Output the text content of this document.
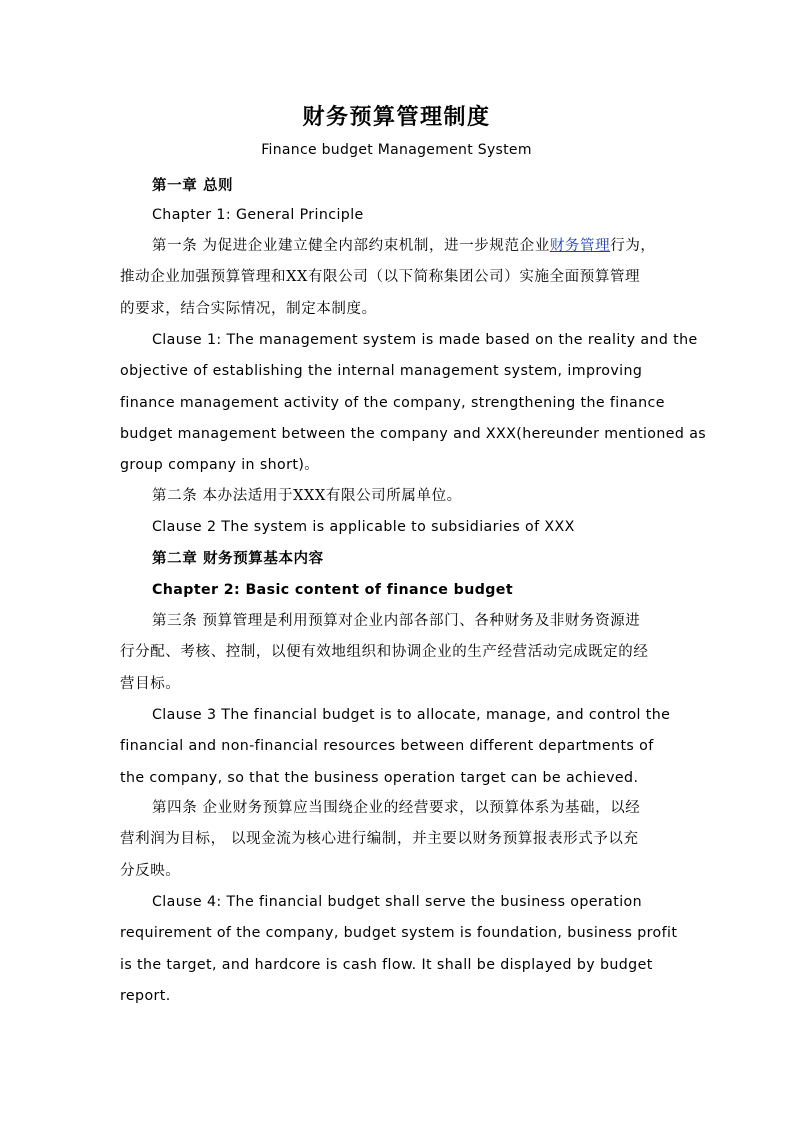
财务预算管理制度
Finance budget Management System
第一章 总则
Chapter 1: General Principle
第一条 为促进企业建立健全内部约束机制，进一步规范企业财务管理行为，
推动企业加强预算管理和XX有限公司（以下简称集团公司）实施全面预算管理
的要求，结合实际情况，制定本制度。
Clause 1: The management system is made based on the reality and the
objective of establishing the internal management system, improving
finance management activity of the company, strengthening the finance
budget management between the company and XXX(hereunder mentioned as
group company in short)。
第二条 本办法适用于XXX有限公司所属单位。
Clause 2 The system is applicable to subsidiaries of XXX
第二章 财务预算基本内容
Chapter 2: Basic content of finance budget
第三条 预算管理是利用预算对企业内部各部门、各种财务及非财务资源进
行分配、考核、控制，以便有效地组织和协调企业的生产经营活动完成既定的经
营目标。
Clause 3 The financial budget is to allocate, manage, and control the
financial and non-financial resources between different departments of
the company, so that the business operation target can be achieved.
第四条 企业财务预算应当围绕企业的经营要求，以预算体系为基础，以经
营利润为目标， 以现金流为核心进行编制，并主要以财务预算报表形式予以充
分反映。
Clause 4: The financial budget shall serve the business operation
requirement of the company, budget system is foundation, business profit
is the target, and hardcore is cash flow. It shall be displayed by budget
report.
